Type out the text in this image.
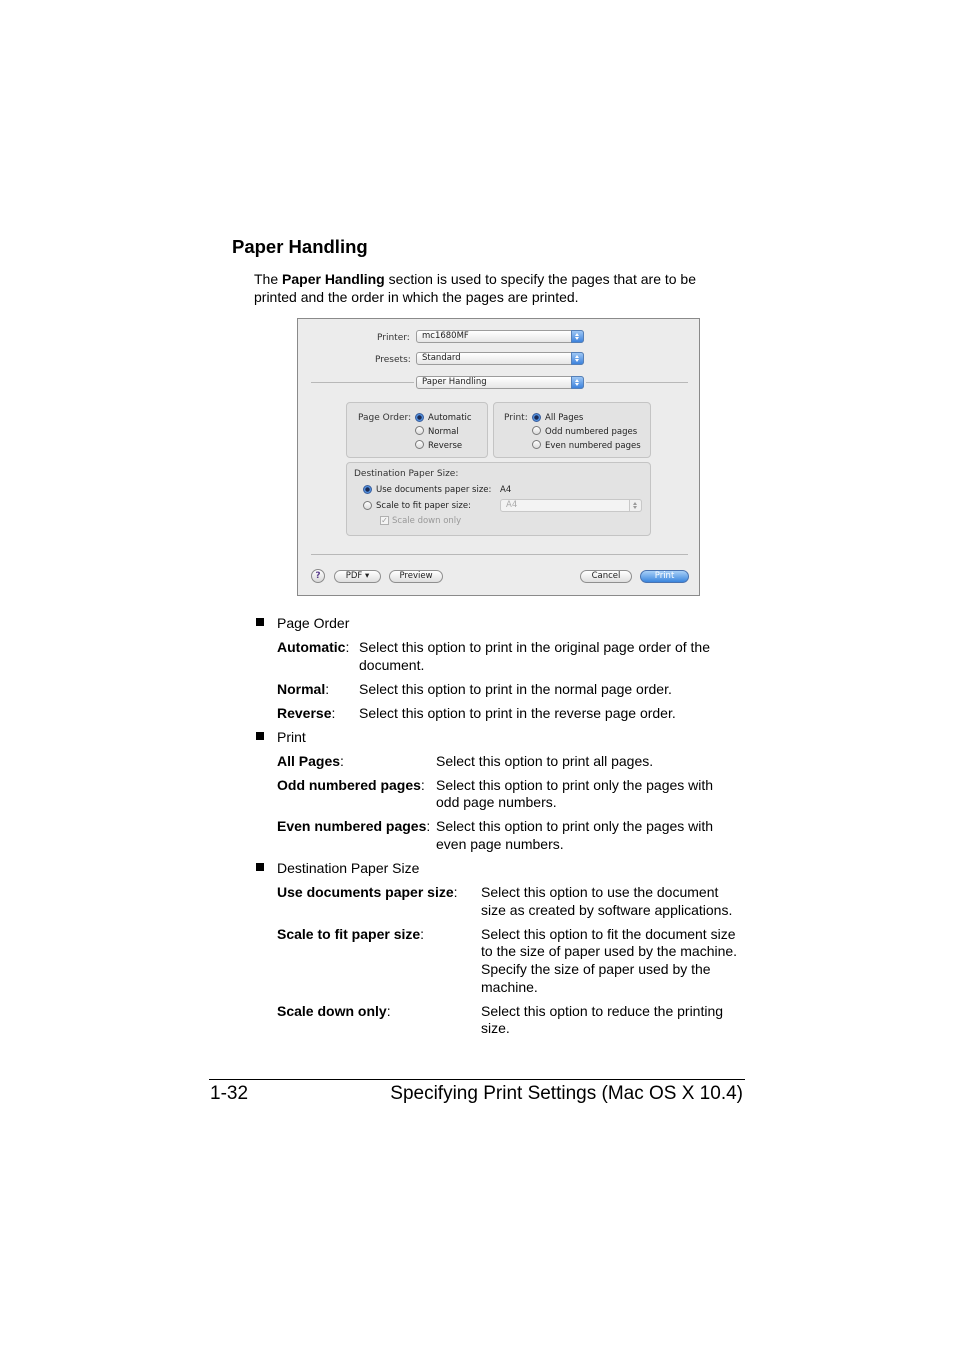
Paper Handling
The Paper Handling section is used to specify the pages that are to be printed and the order in which the pages are printed.
Printer:	mc1680MF
Presets:	Standard
Paper Handling
Page Order: Automatic
Normal
Reverse
Print: All Pages
Odd numbered pages
Even numbered pages
Destination Paper Size:
Use documents paper size: A4
Scale to fit paper size:	A4
✓ Scale down only
?	PDF ▾	Preview	Cancel	Print
Page Order
Automatic: Select this option to print in the original page order of the
document.
Normal: Select this option to print in the normal page order.
Reverse: Select this option to print in the reverse page order.
Print
All Pages:	Select this option to print all pages.
Odd numbered pages: Select this option to print only the pages with
odd page numbers.
Even numbered pages: Select this option to print only the pages with
even page numbers.
Destination Paper Size
Use documents paper size: Select this option to use the document
size as created by software applications.
Scale to fit paper size:	Select this option to fit the document size
to the size of paper used by the machine.
Specify the size of paper used by the
machine.
Scale down only:	Select this option to reduce the printing
size.
1-32	Specifying Print Settings (Mac OS X 10.4)
